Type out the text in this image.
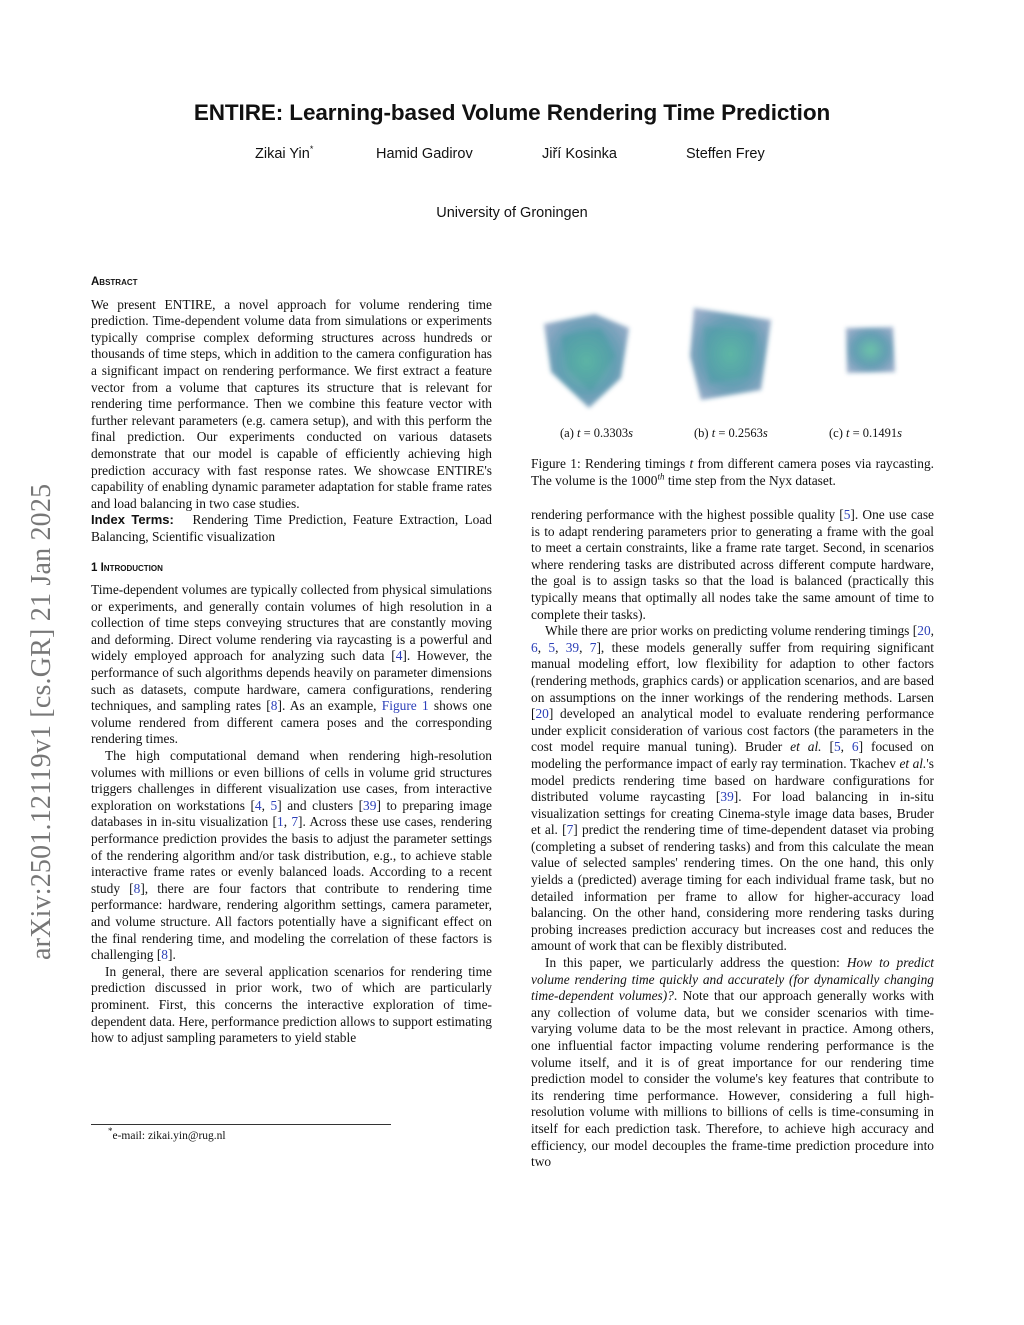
arXiv:2501.12119v1 [cs.GR] 21 Jan 2025
ENTIRE: Learning-based Volume Rendering Time Prediction
Zikai Yin*	Hamid Gadirov	Jiří Kosinka	Steffen Frey
University of Groningen
Abstract

We present ENTIRE, a novel approach for volume rendering time prediction. Time-dependent volume data from simulations or experiments typically comprise complex deforming structures across hundreds or thousands of time steps, which in addition to the camera configuration has a significant impact on rendering performance. We first extract a feature vector from a volume that captures its structure that is relevant for rendering time performance. Then we combine this feature vector with further relevant parameters (e.g. camera setup), and with this perform the final prediction. Our experiments conducted on various datasets demonstrate that our model is capable of efficiently achieving high prediction accuracy with fast response rates. We showcase ENTIRE's capability of enabling dynamic parameter adaptation for stable frame rates and load balancing in two case studies.

Index Terms: Rendering Time Prediction, Feature Extraction, Load Balancing, Scientific visualization

1 Introduction

Time-dependent volumes are typically collected from physical simulations or experiments, and generally contain volumes of high resolution in a collection of time steps conveying structures that are constantly moving and deforming. Direct volume rendering via raycasting is a powerful and widely employed approach for analyzing such data [4]. However, the performance of such algorithms depends heavily on parameter dimensions such as datasets, compute hardware, camera configurations, rendering techniques, and sampling rates [8]. As an example, Figure 1 shows one volume rendered from different camera poses and the corresponding rendering times.

The high computational demand when rendering high-resolution volumes with millions or even billions of cells in volume grid structures triggers challenges in different visualization use cases, from interactive exploration on workstations [4, 5] and clusters [39] to preparing image databases in in-situ visualization [1, 7]. Across these use cases, rendering performance prediction provides the basis to adjust the parameter settings of the rendering algorithm and/or task distribution, e.g., to achieve stable interactive frame rates or evenly balanced loads. According to a recent study [8], there are four factors that contribute to rendering time performance: hardware, rendering algorithm settings, camera parameter, and volume structure. All factors potentially have a significant effect on the final rendering time, and modeling the correlation of these factors is challenging [8].

In general, there are several application scenarios for rendering time prediction discussed in prior work, two of which are particularly prominent. First, this concerns the interactive exploration of time-dependent data. Here, performance prediction allows to support estimating how to adjust sampling parameters to yield stable

*e-mail: zikai.yin@rug.nl
(a) t = 0.3303s	(b) t = 0.2563s	(c) t = 0.1491s
Figure 1: Rendering timings t from different camera poses via raycasting. The volume is the 1000th time step from the Nyx dataset.

rendering performance with the highest possible quality [5]. One use case is to adapt rendering parameters prior to generating a frame with the goal to meet a certain constraints, like a frame rate target. Second, in scenarios where rendering tasks are distributed across different compute hardware, the goal is to assign tasks so that the load is balanced (practically this typically means that optimally all nodes take the same amount of time to complete their tasks).

While there are prior works on predicting volume rendering timings [20, 6, 5, 39, 7], these models generally suffer from requiring significant manual modeling effort, low flexibility for adaption to other factors (rendering methods, graphics cards) or application scenarios, and are based on assumptions on the inner workings of the rendering methods. Larsen [20] developed an analytical model to evaluate rendering performance under explicit consideration of various cost factors (the parameters in the cost model require manual tuning). Bruder et al. [5, 6] focused on modeling the performance impact of early ray termination. Tkachev et al.'s model predicts rendering time based on hardware configurations for distributed volume raycasting [39]. For load balancing in in-situ visualization settings for creating Cinema-style image data bases, Bruder et al. [7] predict the rendering time of time-dependent dataset via probing (completing a subset of rendering tasks) and from this calculate the mean value of selected samples' rendering times. On the one hand, this only yields a (predicted) average timing for each individual frame task, but no detailed information per frame to allow for higher-accuracy load balancing. On the other hand, considering more rendering tasks during probing increases prediction accuracy but increases cost and reduces the amount of work that can be flexibly distributed.

In this paper, we particularly address the question: How to predict volume rendering time quickly and accurately (for dynamically changing time-dependent volumes)?. Note that our approach generally works with any collection of volume data, but we consider scenarios with time-varying volume data to be the most relevant in practice. Among others, one influential factor impacting volume rendering performance is the volume itself, and it is of great importance for our rendering time prediction model to consider the volume's key features that contribute to its rendering time performance. However, considering a full high-resolution volume with millions to billions of cells is time-consuming in itself for each prediction task. Therefore, to achieve high accuracy and efficiency, our model decouples the frame-time prediction procedure into two
